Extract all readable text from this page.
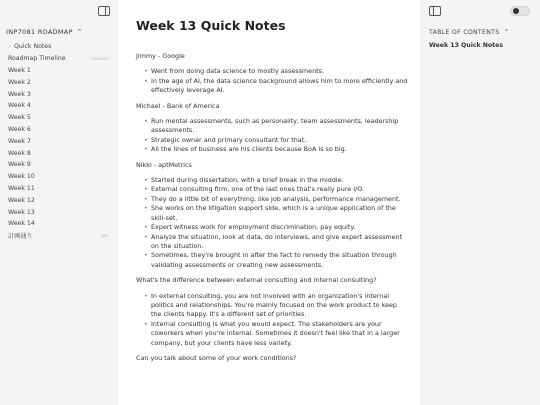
INP7081 ROADMAP ⌃
› Quick Notes
Roadmap Timeline	xxxxxxx
Week 1
Week 2
Week 3
Week 4
Week 5
Week 6
Week 7
Week 8
Week 9
Week 10
Week 11
Week 12
Week 13
Week 14
計画通り	pro
Week 13 Quick Notes

Jimmy - Google

• Went from doing data science to mostly assessments.
• In the age of AI, the data science background allows him to more efficiently and effectively leverage AI.

Michael - Bank of America

• Run mental assessments, such as personality, team assessments, leadership assessments.
• Strategic owner and primary consultant for that.
• All the lines of business are his clients because BoA is so big.

Nikki - aptMetrics

• Started during dissertation, with a brief break in the middle.
• External consulting firm, one of the last ones that's really pure I/O.
• They do a little bit of everything, like job analysis, performance management.
• She works on the litigation support side, which is a unique application of the skill-set.
• Expert witness work for employment discrimination, pay equity.
• Analyze the situation, look at data, do interviews, and give expert assessment on the situation.
• Sometimes, they're brought in after the fact to remedy the situation through validating assessments or creating new assessments.

What's the difference between external consulting and internal consulting?

• In external consulting, you are not involved with an organization's internal politics and relationships. You're mainly focused on the work product to keep the clients happy. It's a different set of priorities.
• Internal consulting is what you would expect. The stakeholders are your coworkers when you're internal. Sometimes it doesn't feel like that in a larger company, but your clients have less variety.

Can you talk about some of your work conditions?

TABLE OF CONTENTS ⌃
Week 13 Quick Notes
